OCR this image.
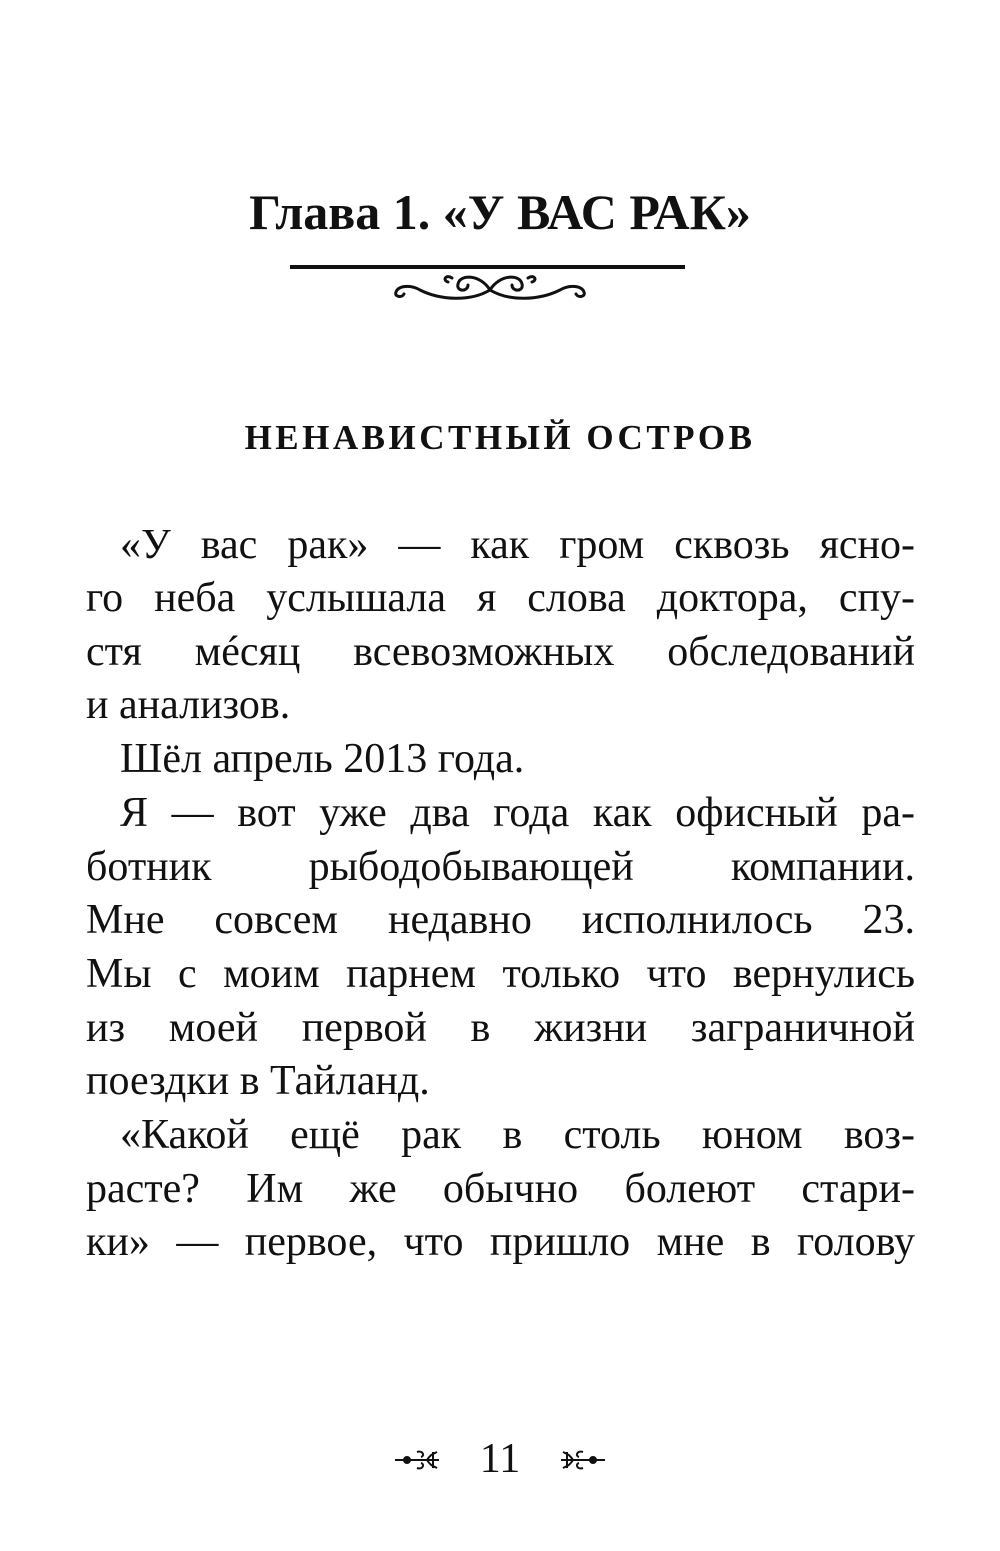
Глава 1. «У ВАС РАК»
НЕНАВИСТНЫЙ ОСТРОВ
«У вас рак» — как гром сквозь ясно-
го неба услышала я слова доктора, спу-
стя мéсяц всевозможных обследований
и анализов.
Шёл апрель 2013 года.
Я — вот уже два года как офисный ра-
ботник рыбодобывающей компании.
Мне совсем недавно исполнилось 23.
Мы с моим парнем только что вернулись
из моей первой в жизни заграничной
поездки в Тайланд.
«Какой ещё рак в столь юном воз-
расте? Им же обычно болеют стари-
ки» — первое, что пришло мне в голову
11
